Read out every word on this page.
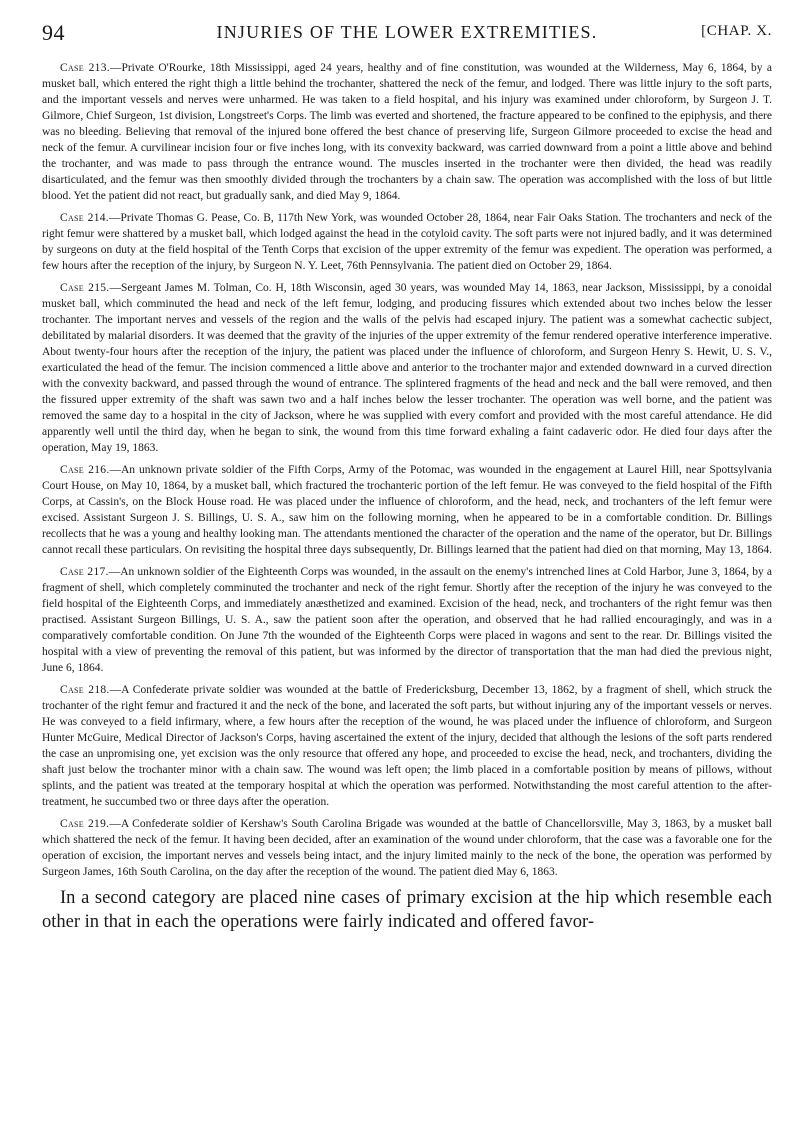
94	INJURIES OF THE LOWER EXTREMITIES.	[CHAP. X.

Case 213.—Private O'Rourke, 18th Mississippi, aged 24 years, healthy and of fine constitution, was wounded at the Wilderness, May 6, 1864, by a musket ball, which entered the right thigh a little behind the trochanter, shattered the neck of the femur, and lodged. There was little injury to the soft parts, and the important vessels and nerves were unharmed. He was taken to a field hospital, and his injury was examined under chloroform, by Surgeon J. T. Gilmore, Chief Surgeon, 1st division, Longstreet's Corps. The limb was everted and shortened, the fracture appeared to be confined to the epiphysis, and there was no bleeding. Believing that removal of the injured bone offered the best chance of preserving life, Surgeon Gilmore proceeded to excise the head and neck of the femur. A curvilinear incision four or five inches long, with its convexity backward, was carried downward from a point a little above and behind the trochanter, and was made to pass through the entrance wound. The muscles inserted in the trochanter were then divided, the head was readily disarticulated, and the femur was then smoothly divided through the trochanters by a chain saw. The operation was accomplished with the loss of but little blood. Yet the patient did not react, but gradually sank, and died May 9, 1864.

Case 214.—Private Thomas G. Pease, Co. B, 117th New York, was wounded October 28, 1864, near Fair Oaks Station. The trochanters and neck of the right femur were shattered by a musket ball, which lodged against the head in the cotyloid cavity. The soft parts were not injured badly, and it was determined by surgeons on duty at the field hospital of the Tenth Corps that excision of the upper extremity of the femur was expedient. The operation was performed, a few hours after the reception of the injury, by Surgeon N. Y. Leet, 76th Pennsylvania. The patient died on October 29, 1864.

Case 215.—Sergeant James M. Tolman, Co. H, 18th Wisconsin, aged 30 years, was wounded May 14, 1863, near Jackson, Mississippi, by a conoidal musket ball, which comminuted the head and neck of the left femur, lodging, and producing fissures which extended about two inches below the lesser trochanter. The important nerves and vessels of the region and the walls of the pelvis had escaped injury. The patient was a somewhat cachectic subject, debilitated by malarial disorders. It was deemed that the gravity of the injuries of the upper extremity of the femur rendered operative interference imperative. About twenty-four hours after the reception of the injury, the patient was placed under the influence of chloroform, and Surgeon Henry S. Hewit, U. S. V., exarticulated the head of the femur. The incision commenced a little above and anterior to the trochanter major and extended downward in a curved direction with the convexity backward, and passed through the wound of entrance. The splintered fragments of the head and neck and the ball were removed, and then the fissured upper extremity of the shaft was sawn two and a half inches below the lesser trochanter. The operation was well borne, and the patient was removed the same day to a hospital in the city of Jackson, where he was supplied with every comfort and provided with the most careful attendance. He did apparently well until the third day, when he began to sink, the wound from this time forward exhaling a faint cadaveric odor. He died four days after the operation, May 19, 1863.

Case 216.—An unknown private soldier of the Fifth Corps, Army of the Potomac, was wounded in the engagement at Laurel Hill, near Spottsylvania Court House, on May 10, 1864, by a musket ball, which fractured the trochanteric portion of the left femur. He was conveyed to the field hospital of the Fifth Corps, at Cassin's, on the Block House road. He was placed under the influence of chloroform, and the head, neck, and trochanters of the left femur were excised. Assistant Surgeon J. S. Billings, U. S. A., saw him on the following morning, when he appeared to be in a comfortable condition. Dr. Billings recollects that he was a young and healthy looking man. The attendants mentioned the character of the operation and the name of the operator, but Dr. Billings cannot recall these particulars. On revisiting the hospital three days subsequently, Dr. Billings learned that the patient had died on that morning, May 13, 1864.

Case 217.—An unknown soldier of the Eighteenth Corps was wounded, in the assault on the enemy's intrenched lines at Cold Harbor, June 3, 1864, by a fragment of shell, which completely comminuted the trochanter and neck of the right femur. Shortly after the reception of the injury he was conveyed to the field hospital of the Eighteenth Corps, and immediately anæsthetized and examined. Excision of the head, neck, and trochanters of the right femur was then practised. Assistant Surgeon Billings, U. S. A., saw the patient soon after the operation, and observed that he had rallied encouragingly, and was in a comparatively comfortable condition. On June 7th the wounded of the Eighteenth Corps were placed in wagons and sent to the rear. Dr. Billings visited the hospital with a view of preventing the removal of this patient, but was informed by the director of transportation that the man had died the previous night, June 6, 1864.

Case 218.—A Confederate private soldier was wounded at the battle of Fredericksburg, December 13, 1862, by a fragment of shell, which struck the trochanter of the right femur and fractured it and the neck of the bone, and lacerated the soft parts, but without injuring any of the important vessels or nerves. He was conveyed to a field infirmary, where, a few hours after the reception of the wound, he was placed under the influence of chloroform, and Surgeon Hunter McGuire, Medical Director of Jackson's Corps, having ascertained the extent of the injury, decided that although the lesions of the soft parts rendered the case an unpromising one, yet excision was the only resource that offered any hope, and proceeded to excise the head, neck, and trochanters, dividing the shaft just below the trochanter minor with a chain saw. The wound was left open; the limb placed in a comfortable position by means of pillows, without splints, and the patient was treated at the temporary hospital at which the operation was performed. Notwithstanding the most careful attention to the after-treatment, he succumbed two or three days after the operation.

Case 219.—A Confederate soldier of Kershaw's South Carolina Brigade was wounded at the battle of Chancellorsville, May 3, 1863, by a musket ball which shattered the neck of the femur. It having been decided, after an examination of the wound under chloroform, that the case was a favorable one for the operation of excision, the important nerves and vessels being intact, and the injury limited mainly to the neck of the bone, the operation was performed by Surgeon James, 16th South Carolina, on the day after the reception of the wound. The patient died May 6, 1863.

In a second category are placed nine cases of primary excision at the hip which resemble each other in that in each the operations were fairly indicated and offered favor-
